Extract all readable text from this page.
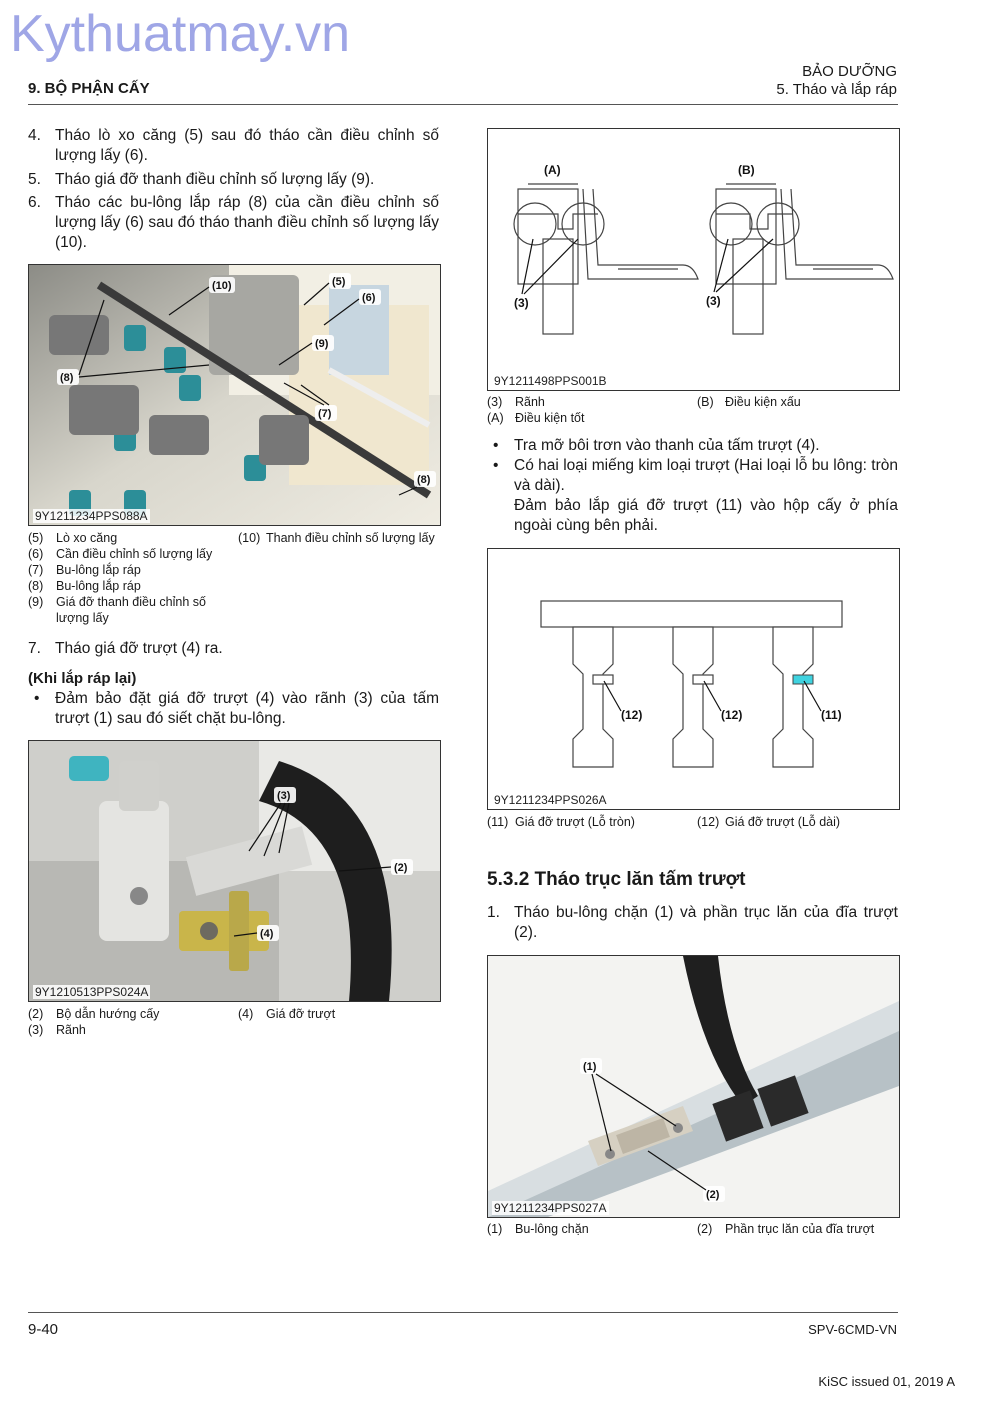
Kythuatmay.vn
9. BỘ PHẬN CẤY
BẢO DƯỠNG
5. Tháo và lắp ráp
4. Tháo lò xo căng (5) sau đó tháo cần điều chỉnh số lượng lấy (6).
5. Tháo giá đỡ thanh điều chỉnh số lượng lấy (9).
6. Tháo các bu-lông lắp ráp (8) của cần điều chỉnh số lượng lấy (6) sau đó tháo thanh điều chỉnh số lượng lấy (10).
(10)	(5)
(6)
(9)
(8)
(7)
(8)
9Y1211234PPS088A
(5)	Lò xo căng
(6)	Cần điều chỉnh số lượng lấy
(7)	Bu-lông lắp ráp
(8)	Bu-lông lắp ráp
(9)	Giá đỡ thanh điều chỉnh số lượng lấy
(10) Thanh điều chỉnh số lượng lấy
7. Tháo giá đỡ trượt (4) ra.
(Khi lắp ráp lại)
•	Đảm bảo đặt giá đỡ trượt (4) vào rãnh (3) của tấm trượt (1) sau đó siết chặt bu-lông.
(3)
(2)
(4)
9Y1210513PPS024A
(2)	Bộ dẫn hướng cấy
(3)	Rãnh
(4)	Giá đỡ trượt
(A)	(B)
(3)	(3)
9Y1211498PPS001B
(3)	Rãnh
(A) Điều kiện tốt
(B) Điều kiện xấu
•	Tra mỡ bôi trơn vào thanh của tấm trượt (4).
•	Có hai loại miếng kim loại trượt (Hai loại lỗ bu lông: tròn và dài).
Đảm bảo lắp giá đỡ trượt (11) vào hộp cấy ở phía ngoài cùng bên phải.
(12)	(12)	(11)
9Y1211234PPS026A
(11) Giá đỡ trượt (Lỗ tròn)	(12) Giá đỡ trượt (Lỗ dài)
5.3.2 Tháo trục lăn tấm trượt
1. Tháo bu-lông chặn (1) và phần trục lăn của đĩa trượt (2).
(1)
(2)
9Y1211234PPS027A
(1)	Bu-lông chặn	(2)	Phần trục lăn của đĩa trượt
9-40	SPV-6CMD-VN
KiSC issued 01, 2019 A
